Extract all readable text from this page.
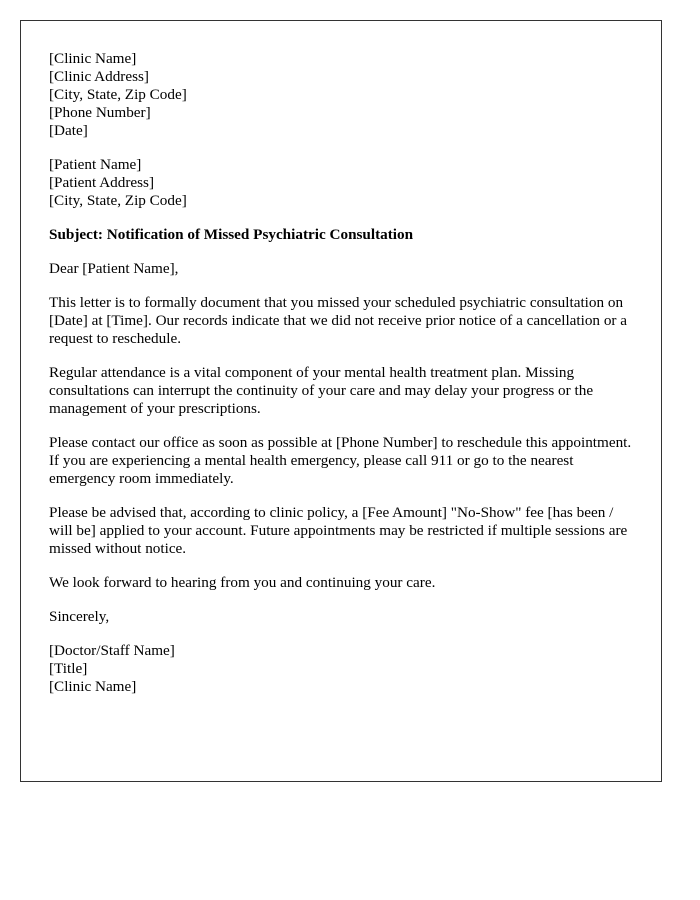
[Clinic Name]
[Clinic Address]
[City, State, Zip Code]
[Phone Number]
[Date]
[Patient Name]
[Patient Address]
[City, State, Zip Code]

Subject: Notification of Missed Psychiatric Consultation

Dear [Patient Name],

This letter is to formally document that you missed your scheduled psychiatric consultation on [Date] at [Time]. Our records indicate that we did not receive prior notice of a cancellation or a request to reschedule.

Regular attendance is a vital component of your mental health treatment plan. Missing consultations can interrupt the continuity of your care and may delay your progress or the management of your prescriptions.

Please contact our office as soon as possible at [Phone Number] to reschedule this appointment. If you are experiencing a mental health emergency, please call 911 or go to the nearest emergency room immediately.

Please be advised that, according to clinic policy, a [Fee Amount] "No-Show" fee [has been / will be] applied to your account. Future appointments may be restricted if multiple sessions are missed without notice.

We look forward to hearing from you and continuing your care.

Sincerely,

[Doctor/Staff Name]
[Title]
[Clinic Name]
